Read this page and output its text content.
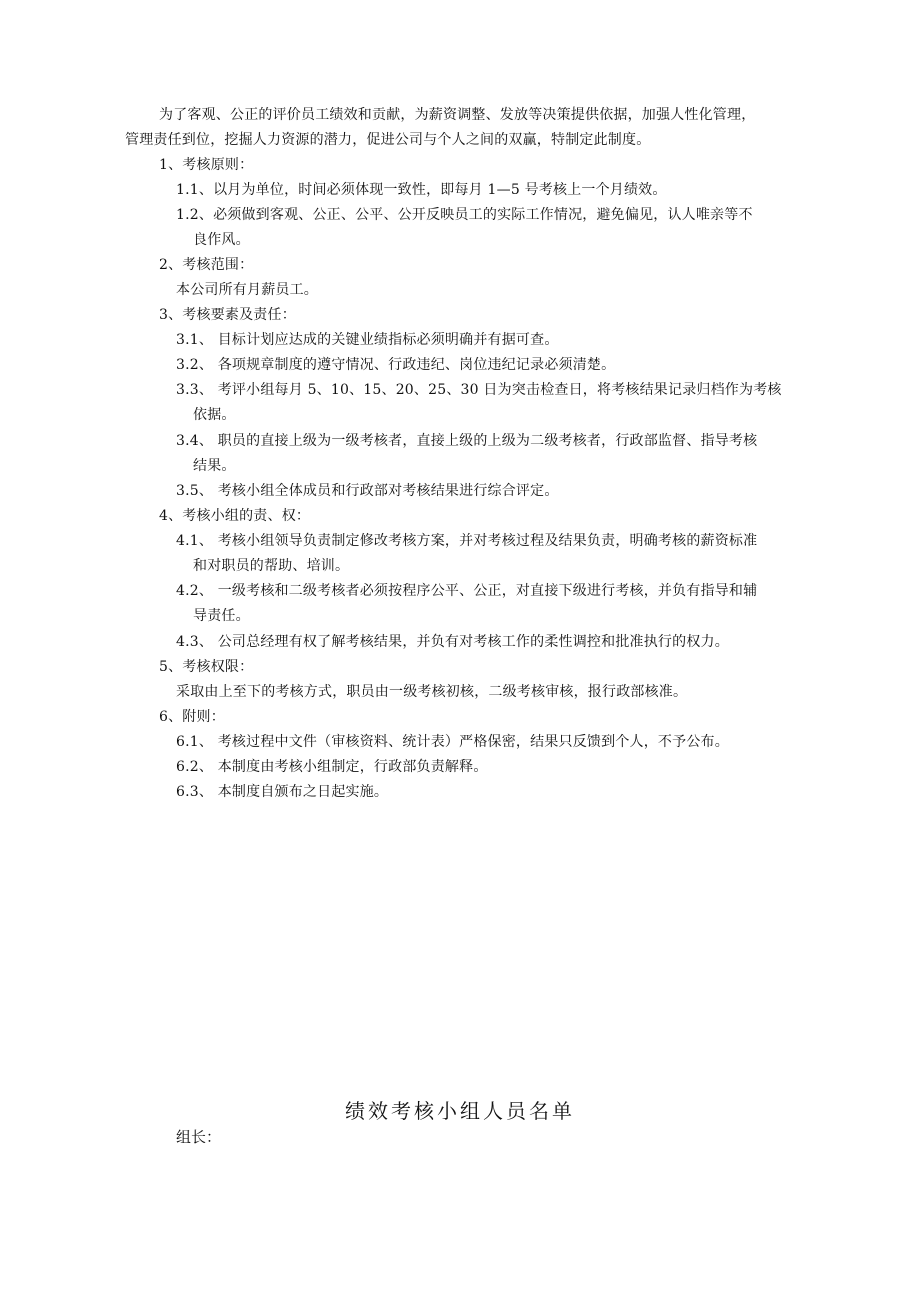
为了客观、公正的评价员工绩效和贡献，为薪资调整、发放等决策提供依据，加强人性化管理，
管理责任到位，挖掘人力资源的潜力，促进公司与个人之间的双赢，特制定此制度。
1、考核原则：
1.1、以月为单位，时间必须体现一致性，即每月 1—5 号考核上一个月绩效。
1.2、必须做到客观、公正、公平、公开反映员工的实际工作情况，避免偏见，认人唯亲等不
良作风。
2、考核范围：
本公司所有月薪员工。
3、考核要素及责任：
3.1、 目标计划应达成的关键业绩指标必须明确并有据可查。
3.2、 各项规章制度的遵守情况、行政违纪、岗位违纪记录必须清楚。
3.3、 考评小组每月 5、10、15、20、25、30 日为突击检查日，将考核结果记录归档作为考核
依据。
3.4、 职员的直接上级为一级考核者，直接上级的上级为二级考核者，行政部监督、指导考核
结果。
3.5、 考核小组全体成员和行政部对考核结果进行综合评定。
4、考核小组的责、权：
4.1、 考核小组领导负责制定修改考核方案，并对考核过程及结果负责，明确考核的薪资标准
和对职员的帮助、培训。
4.2、 一级考核和二级考核者必须按程序公平、公正，对直接下级进行考核，并负有指导和辅
导责任。
4.3、 公司总经理有权了解考核结果，并负有对考核工作的柔性调控和批准执行的权力。
5、考核权限：
采取由上至下的考核方式，职员由一级考核初核，二级考核审核，报行政部核准。
6、附则：
6.1、 考核过程中文件（审核资料、统计表）严格保密，结果只反馈到个人，不予公布。
6.2、 本制度由考核小组制定，行政部负责解释。
6.3、 本制度自颁布之日起实施。
绩效考核小组人员名单
组长：
